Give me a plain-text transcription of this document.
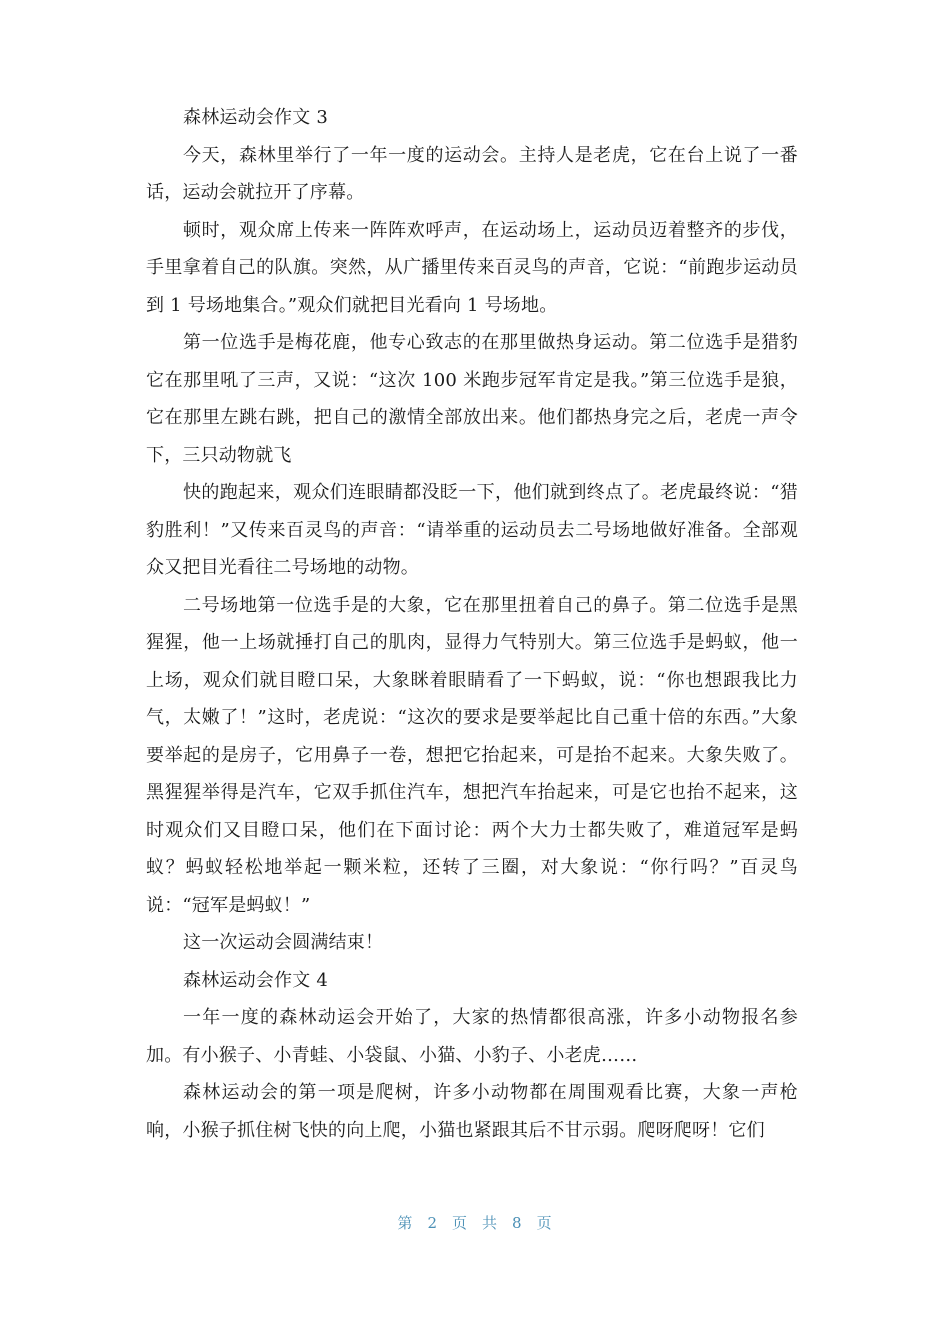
森林运动会作文 3

今天，森林里举行了一年一度的运动会。主持人是老虎，它在台上说了一番话，运动会就拉开了序幕。

顿时，观众席上传来一阵阵欢呼声，在运动场上，运动员迈着整齐的步伐，手里拿着自己的队旗。突然，从广播里传来百灵鸟的声音，它说：“前跑步运动员到 1 号场地集合。”观众们就把目光看向 1 号场地。

第一位选手是梅花鹿，他专心致志的在那里做热身运动。第二位选手是猎豹它在那里吼了三声，又说：“这次 100 米跑步冠军肯定是我。”第三位选手是狼，它在那里左跳右跳，把自己的激情全部放出来。他们都热身完之后，老虎一声令下，三只动物就飞

快的跑起来，观众们连眼睛都没眨一下，他们就到终点了。老虎最终说：“猎豹胜利！”又传来百灵鸟的声音：“请举重的运动员去二号场地做好准备。全部观众又把目光看往二号场地的动物。

二号场地第一位选手是的大象，它在那里扭着自己的鼻子。第二位选手是黑猩猩，他一上场就捶打自己的肌肉，显得力气特别大。第三位选手是蚂蚁，他一上场，观众们就目瞪口呆，大象眯着眼睛看了一下蚂蚁，说：“你也想跟我比力气，太嫩了！”这时，老虎说：“这次的要求是要举起比自己重十倍的东西。”大象要举起的是房子，它用鼻子一卷，想把它抬起来，可是抬不起来。大象失败了。黑猩猩举得是汽车，它双手抓住汽车，想把汽车抬起来，可是它也抬不起来，这时观众们又目瞪口呆，他们在下面讨论：两个大力士都失败了，难道冠军是蚂蚁？蚂蚁轻松地举起一颗米粒，还转了三圈，对大象说：“你行吗？”百灵鸟说：“冠军是蚂蚁！”

这一次运动会圆满结束！

森林运动会作文 4

一年一度的森林动运会开始了，大家的热情都很高涨，许多小动物报名参加。有小猴子、小青蛙、小袋鼠、小猫、小豹子、小老虎……

森林运动会的第一项是爬树，许多小动物都在周围观看比赛，大象一声枪响，小猴子抓住树飞快的向上爬，小猫也紧跟其后不甘示弱。爬呀爬呀！它们

第 2 页 共 8 页
